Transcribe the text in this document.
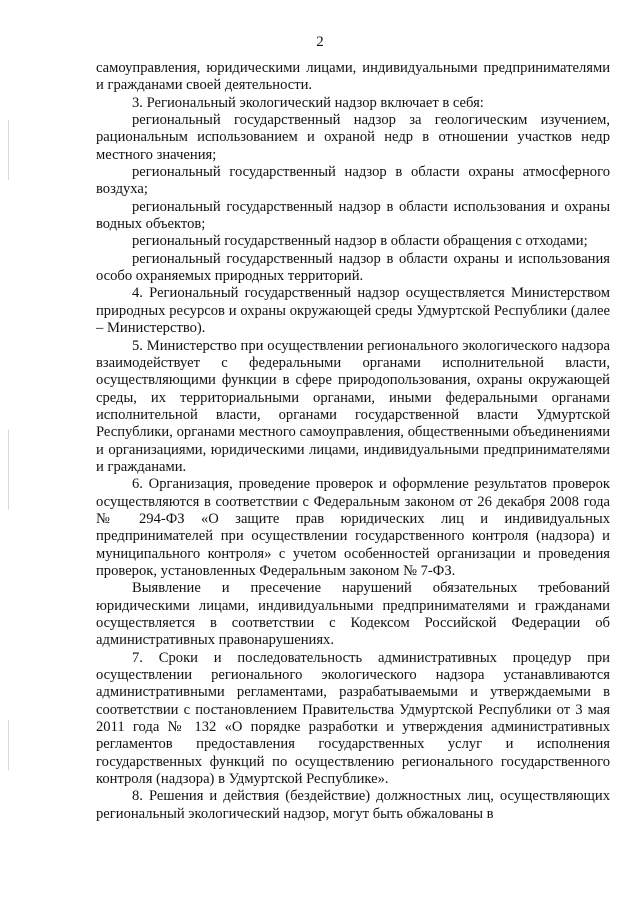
2

самоуправления, юридическими лицами, индивидуальными предпринимателями и гражданами своей деятельности.

3. Региональный экологический надзор включает в себя:

региональный государственный надзор за геологическим изучением, рациональным использованием и охраной недр в отношении участков недр местного значения;

региональный государственный надзор в области охраны атмосферного воздуха;

региональный государственный надзор в области использования и охраны водных объектов;

региональный государственный надзор в области обращения с отходами;

региональный государственный надзор в области охраны и использования особо охраняемых природных территорий.

4. Региональный государственный надзор осуществляется Министерством природных ресурсов и охраны окружающей среды Удмуртской Республики (далее – Министерство).

5. Министерство при осуществлении регионального экологического надзора взаимодействует с федеральными органами исполнительной власти, осуществляющими функции в сфере природопользования, охраны окружающей среды, их территориальными органами, иными федеральными органами исполнительной власти, органами государственной власти Удмуртской Республики, органами местного самоуправления, общественными объединениями и организациями, юридическими лицами, индивидуальными предпринимателями и гражданами.

6. Организация, проведение проверок и оформление результатов проверок осуществляются в соответствии с Федеральным законом от 26 декабря 2008 года № 294-ФЗ «О защите прав юридических лиц и индивидуальных предпринимателей при осуществлении государственного контроля (надзора) и муниципального контроля» с учетом особенностей организации и проведения проверок, установленных Федеральным законом № 7-ФЗ.

Выявление и пресечение нарушений обязательных требований юридическими лицами, индивидуальными предпринимателями и гражданами осуществляется в соответствии с Кодексом Российской Федерации об административных правонарушениях.

7. Сроки и последовательность административных процедур при осуществлении регионального экологического надзора устанавливаются административными регламентами, разрабатываемыми и утверждаемыми в соответствии с постановлением Правительства Удмуртской Республики от 3 мая 2011 года № 132 «О порядке разработки и утверждения административных регламентов предоставления государственных услуг и исполнения государственных функций по осуществлению регионального государственного контроля (надзора) в Удмуртской Республике».

8. Решения и действия (бездействие) должностных лиц, осуществляющих региональный экологический надзор, могут быть обжалованы в
